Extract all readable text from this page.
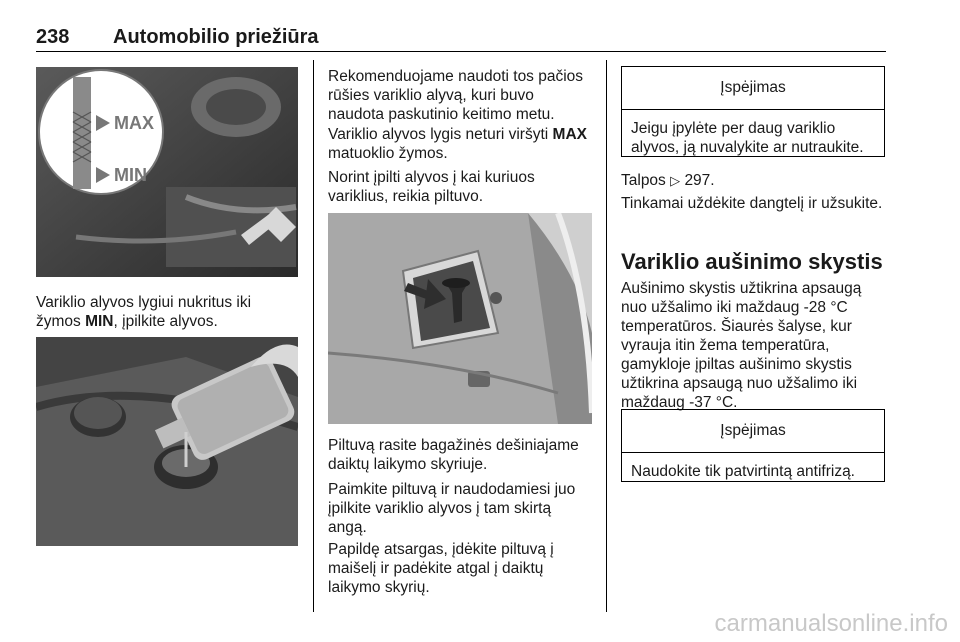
238 Automobilio priežiūra
MAX
MIN

Variklio alyvos lygiui nukritus iki žymos MIN, įpilkite alyvos.

Rekomenduojame naudoti tos pačios rūšies variklio alyvą, kuri buvo naudota paskutinio keitimo metu.

Variklio alyvos lygis neturi viršyti MAX matuoklio žymos.

Norint įpilti alyvos į kai kuriuos variklius, reikia piltuvo.

Piltuvą rasite bagažinės dešiniajame daiktų laikymo skyriuje.

Paimkite piltuvą ir naudodamiesi juo įpilkite variklio alyvos į tam skirtą angą.

Papildę atsargas, įdėkite piltuvą į maišelį ir padėkite atgal į daiktų laikymo skyrių.

Įspėjimas
Jeigu įpylėte per daug variklio alyvos, ją nuvalykite ar nutraukite.

Talpos ▷ 297.

Tinkamai uždėkite dangtelį ir užsukite.

Variklio aušinimo skystis

Aušinimo skystis užtikrina apsaugą nuo užšalimo iki maždaug -28 °C temperatūros. Šiaurės šalyse, kur vyrauja itin žema temperatūra, gamykloje įpiltas aušinimo skystis užtikrina apsaugą nuo užšalimo iki maždaug -37 °C.

Įspėjimas
Naudokite tik patvirtintą antifrizą.
carmanualsonline.info
